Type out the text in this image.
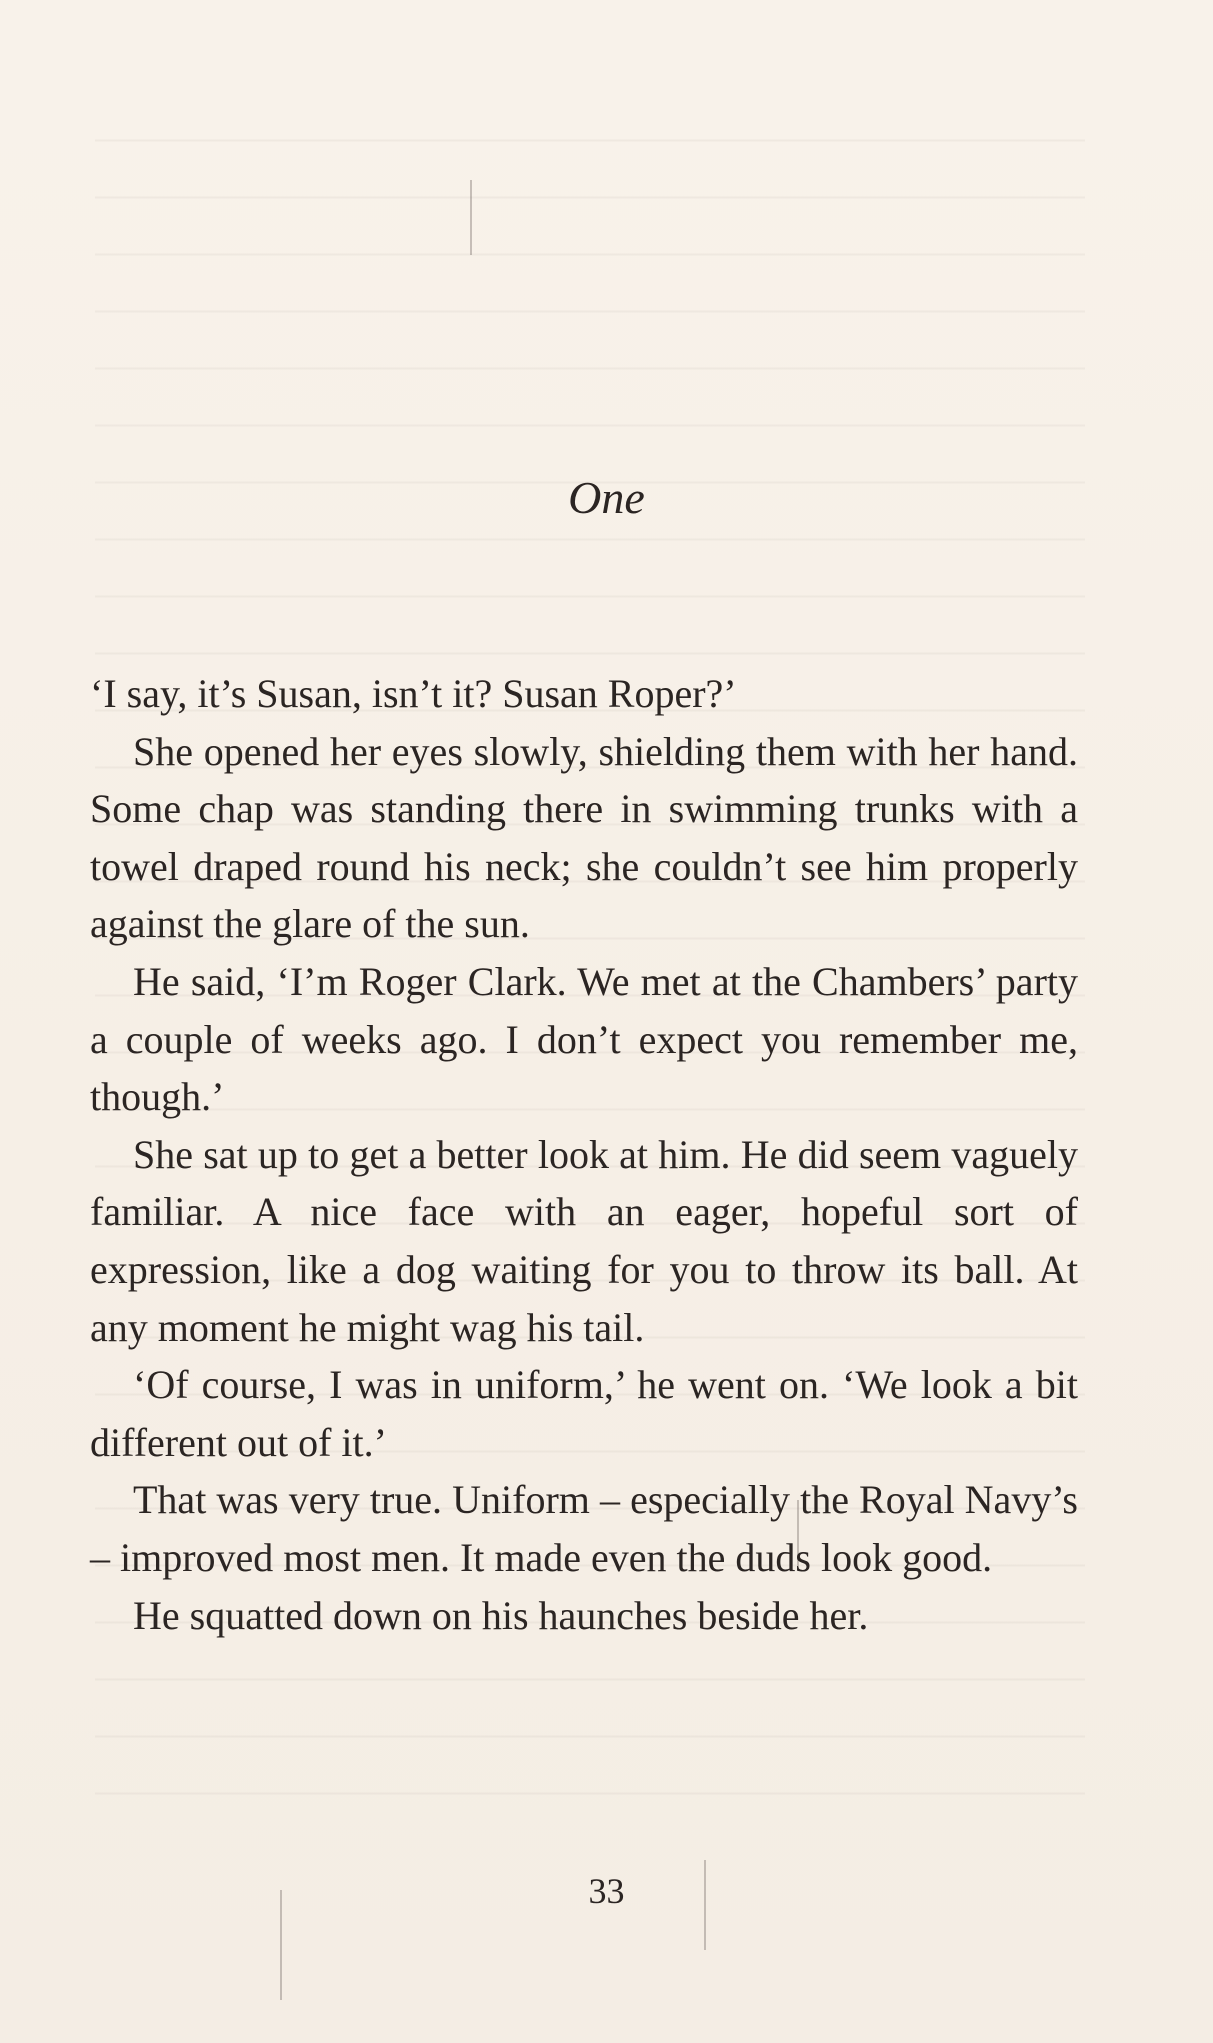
One

‘I say, it’s Susan, isn’t it? Susan Roper?’

She opened her eyes slowly, shielding them with her hand. Some chap was standing there in swimming trunks with a towel draped round his neck; she couldn’t see him properly against the glare of the sun.

He said, ‘I’m Roger Clark. We met at the Chambers’ party a couple of weeks ago. I don’t expect you remember me, though.’

She sat up to get a better look at him. He did seem vaguely familiar. A nice face with an eager, hopeful sort of expression, like a dog waiting for you to throw its ball. At any moment he might wag his tail.

‘Of course, I was in uniform,’ he went on. ‘We look a bit different out of it.’

That was very true. Uniform – especially the Royal Navy’s – improved most men. It made even the duds look good.

He squatted down on his haunches beside her.

33
